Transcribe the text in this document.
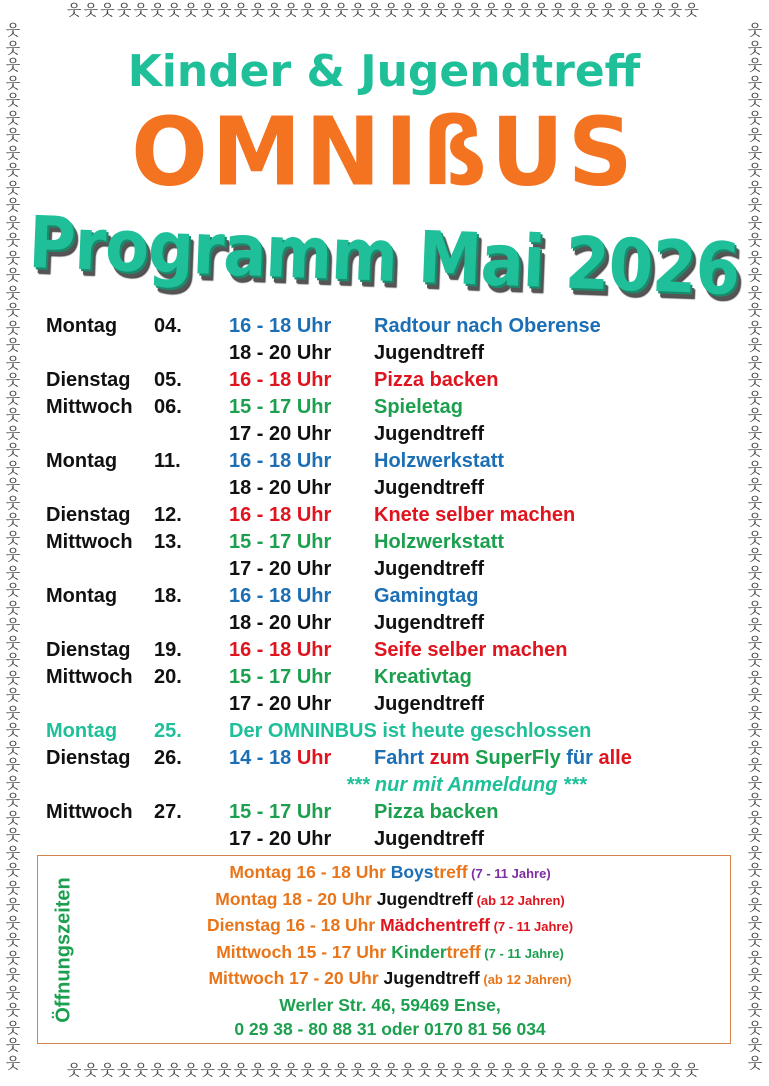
웃웃웃웃웃웃웃웃웃웃웃웃웃웃웃웃웃웃웃웃웃웃웃웃웃웃웃웃웃웃웃웃웃웃웃웃웃웃
웃웃웃웃웃웃웃웃웃웃웃웃웃웃웃웃웃웃웃웃웃웃웃웃웃웃웃웃웃웃웃웃웃웃웃웃웃웃
웃웃웃웃웃웃웃웃웃웃웃웃웃웃웃웃웃웃웃웃웃웃웃웃웃웃웃웃웃웃웃웃웃웃웃웃웃웃웃웃웃웃웃웃웃웃웃웃웃웃웃웃웃웃웃웃웃웃웃웃
웃웃웃웃웃웃웃웃웃웃웃웃웃웃웃웃웃웃웃웃웃웃웃웃웃웃웃웃웃웃웃웃웃웃웃웃웃웃웃웃웃웃웃웃웃웃웃웃웃웃웃웃웃웃웃웃웃웃웃웃
Kinder & Jugendtreff
OMNIßUS
Programm Mai 2026
Montag 04. 16 - 18 Uhr Radtour nach Oberense
18 - 20 Uhr Jugendtreff
Dienstag 05. 16 - 18 Uhr Pizza backen
Mittwoch 06. 15 - 17 Uhr Spieletag
17 - 20 Uhr Jugendtreff
Montag 11. 16 - 18 Uhr Holzwerkstatt
18 - 20 Uhr Jugendtreff
Dienstag 12. 16 - 18 Uhr Knete selber machen
Mittwoch 13. 15 - 17 Uhr Holzwerkstatt
17 - 20 Uhr Jugendtreff
Montag 18. 16 - 18 Uhr Gamingtag
18 - 20 Uhr Jugendtreff
Dienstag 19. 16 - 18 Uhr Seife selber machen
Mittwoch 20. 15 - 17 Uhr Kreativtag
17 - 20 Uhr Jugendtreff
Montag 25. Der OMNINBUS ist heute geschlossen
Dienstag 26. 14 - 18 Uhr Fahrt zum SuperFly für alle
*** nur mit Anmeldung ***
Mittwoch 27. 15 - 17 Uhr Pizza backen
17 - 20 Uhr Jugendtreff
Öffnungszeiten
Montag 16 - 18 Uhr Boystreff (7 - 11 Jahre)
Montag 18 - 20 Uhr Jugendtreff (ab 12 Jahren)
Dienstag 16 - 18 Uhr Mädchentreff (7 - 11 Jahre)
Mittwoch 15 - 17 Uhr Kindertreff (7 - 11 Jahre)
Mittwoch 17 - 20 Uhr Jugendtreff (ab 12 Jahren)
Werler Str. 46, 59469 Ense,
0 29 38 - 80 88 31 oder 0170 81 56 034
